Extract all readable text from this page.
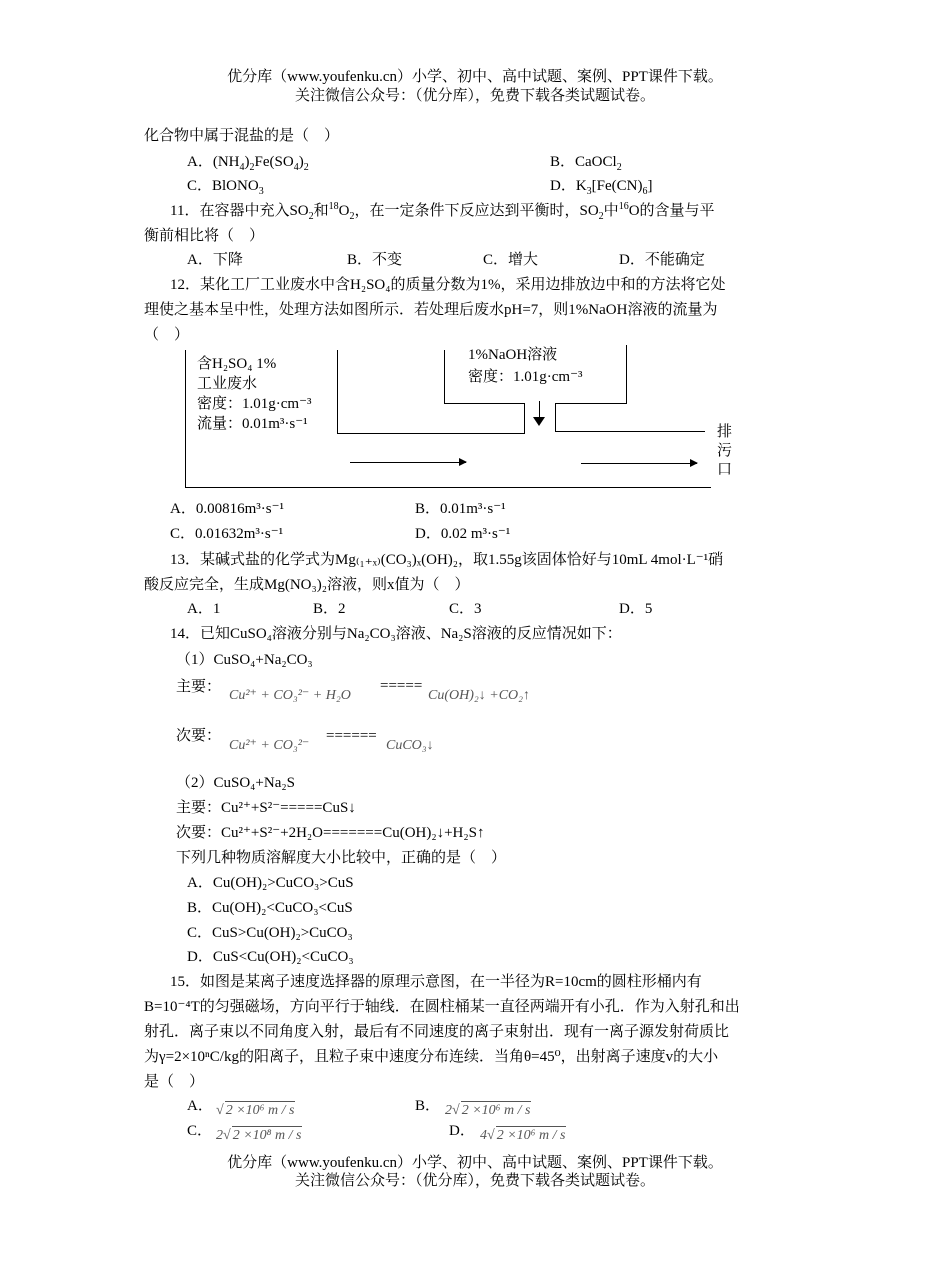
优分库（www.youfenku.cn）小学、初中、高中试题、案例、PPT课件下载。
关注微信公众号：（优分库），免费下载各类试题试卷。
化合物中属于混盐的是（　）
A．$(NH_4)_2Fe(SO_4)_2$	B．CaOCl$_2$
C．BlONO$_3$	D．$K_3[Fe(CN)_6]$
11．在容器中充入$SO_2$和$^{18}O_2$，在一定条件下反应达到平衡时，$SO_2$中$^{16}$O的含量与平
衡前相比将（　）
A．下降	B．不变	C．增大	D．不能确定
12．某化工厂工业废水中含H₂SO₄的质量分数为1%，采用边排放边中和的方法将它处
理使之基本呈中性，处理方法如图所示．若处理后废水pH=7，则1%NaOH溶液的流量为
（　）
含H₂SO₄ 1%
工业废水
密度：1.01g·cm⁻³
流量：0.01m³·s⁻¹
1%NaOH溶液
密度：1.01g·cm⁻³
排
污
口
A．0.00816m³·s⁻¹	B．0.01m³·s⁻¹
C．0.01632m³·s⁻¹	D．0.02 m³·s⁻¹
13．某碱式盐的化学式为Mg₍₁₊ₓ₎(CO₃)ₓ(OH)₂，取1.55g该固体恰好与10mL 4mol·L⁻¹硝
酸反应完全，生成Mg(NO₃)₂溶液，则x值为（　）
A．1	B．2	C．3	D．5
14．已知CuSO₄溶液分别与Na₂CO₃溶液、Na₂S溶液的反应情况如下：
（1）CuSO₄+Na₂CO₃
主要：
Cu²⁺ + CO₃²⁻ + H₂O
=====
Cu(OH)₂↓ +CO₂↑
次要：
Cu²⁺ + CO₃²⁻
======
CuCO₃↓
（2）CuSO₄+Na₂S
主要：Cu²⁺+S²⁻=====CuS↓
次要：Cu²⁺+S²⁻+2H₂O=======Cu(OH)₂↓+H₂S↑
下列几种物质溶解度大小比较中，正确的是（　）
A．Cu(OH)₂>CuCO₃>CuS
B．Cu(OH)₂<CuCO₃<CuS
C．CuS>Cu(OH)₂>CuCO₃
D．CuS<Cu(OH)₂<CuCO₃
15．如图是某离子速度选择器的原理示意图，在一半径为R=10cm的圆柱形桶内有
B=10⁻⁴T的匀强磁场，方向平行于轴线．在圆柱桶某一直径两端开有小孔．作为入射孔和出
射孔．离子束以不同角度入射，最后有不同速度的离子束射出．现有一离子源发射荷质比
为γ=2×10ⁿC/kg的阳离子，且粒子束中速度分布连续．当角θ=45⁰，出射离子速度v的大小
是（　）
A． √ 2 ×10⁶ m / s	B． 2√ 2 ×10⁶ m / s
C． 2√ 2 ×10⁸ m / s	D． 4√ 2 ×10⁶ m / s
优分库（www.youfenku.cn）小学、初中、高中试题、案例、PPT课件下载。
关注微信公众号：（优分库），免费下载各类试题试卷。
